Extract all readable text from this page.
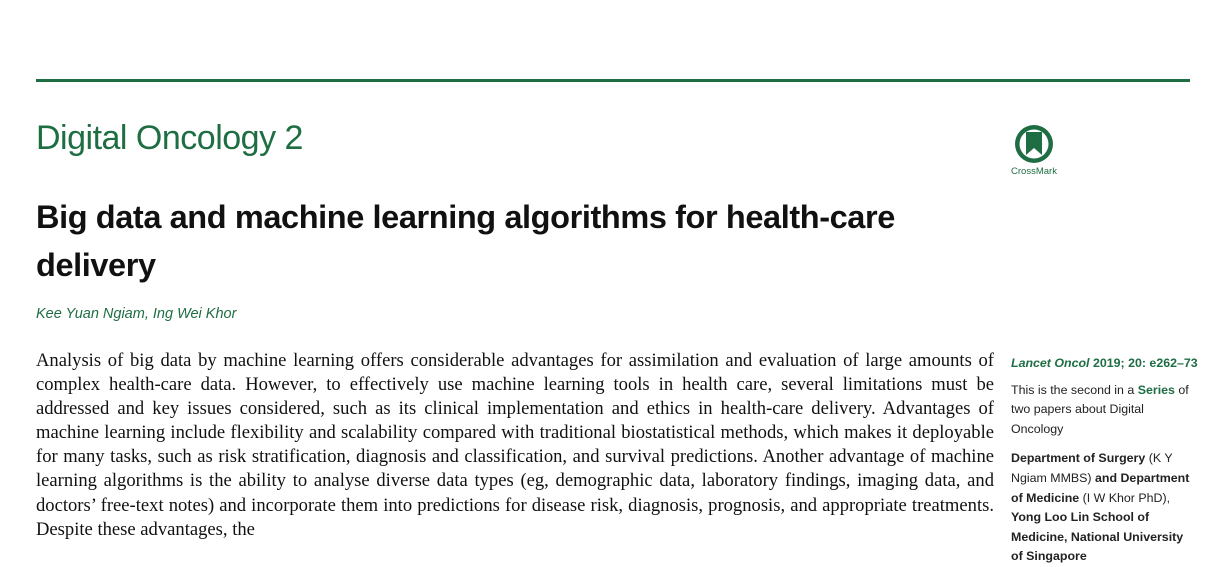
Digital Oncology 2
CrossMark
Big data and machine learning algorithms for health-care delivery
Kee Yuan Ngiam, Ing Wei Khor

Analysis of big data by machine learning offers considerable advantages for assimilation and evaluation of large amounts of complex health-care data. However, to effectively use machine learning tools in health care, several limitations must be addressed and key issues considered, such as its clinical implementation and ethics in health-care delivery. Advantages of machine learning include flexibility and scalability compared with traditional biostatistical methods, which makes it deployable for many tasks, such as risk stratification, diagnosis and classification, and survival predictions. Another advantage of machine learning algorithms is the ability to analyse diverse data types (eg, demographic data, laboratory findings, imaging data, and doctors’ free-text notes) and incorporate them into predictions for disease risk, diagnosis, prognosis, and appropriate treatments. Despite these advantages, the

Lancet Oncol 2019; 20: e262–73
This is the second in a Series of two papers about Digital Oncology
Department of Surgery (K Y Ngiam MMBS) and Department of Medicine (I W Khor PhD), Yong Loo Lin School of Medicine, National University of Singapore
